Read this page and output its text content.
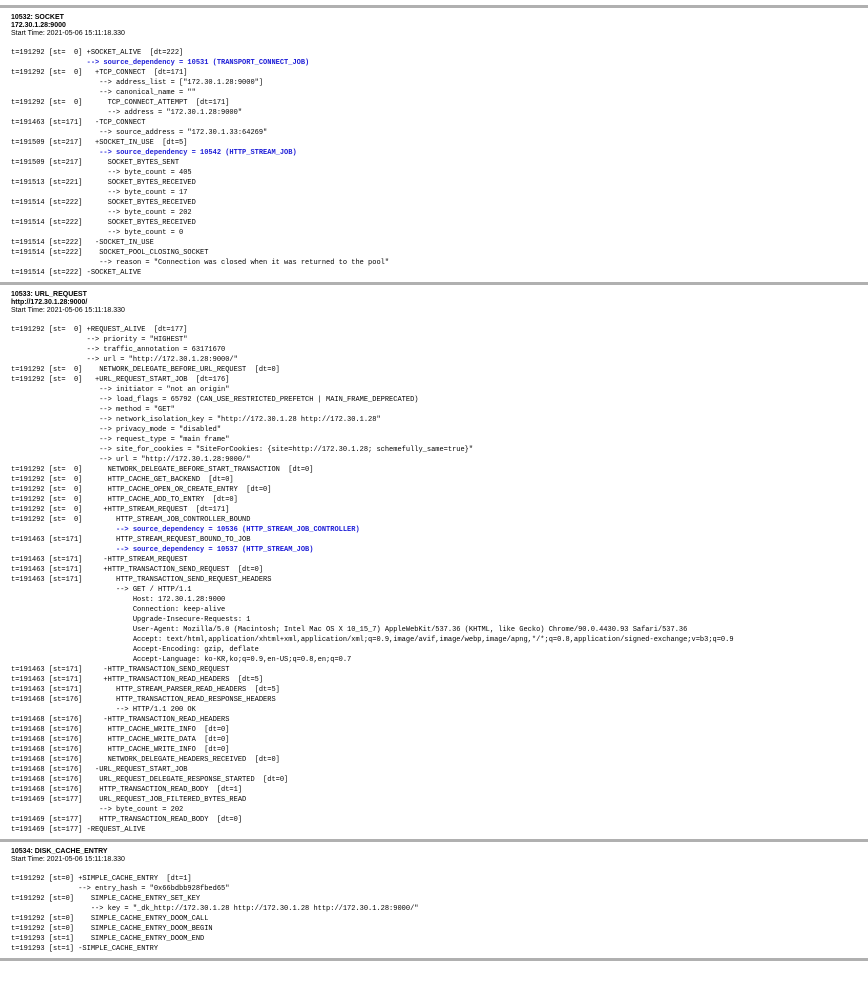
10532: SOCKET
172.30.1.28:9000
Start Time: 2021-05-06 15:11:18.330
t=191292 [st=  0] +SOCKET_ALIVE  [dt=222]
--> source_dependency = 10531 (TRANSPORT_CONNECT_JOB)
t=191292 [st=  0]   +TCP_CONNECT  [dt=171]
--> address_list = ["172.30.1.28:9000"]
--> canonical_name = ""
t=191292 [st=  0]      TCP_CONNECT_ATTEMPT  [dt=171]
--> address = "172.30.1.28:9000"
t=191463 [st=171]   -TCP_CONNECT
--> source_address = "172.30.1.33:64269"
t=191509 [st=217]   +SOCKET_IN_USE  [dt=5]
--> source_dependency = 10542 (HTTP_STREAM_JOB)
t=191509 [st=217]      SOCKET_BYTES_SENT
--> byte_count = 405
t=191513 [st=221]      SOCKET_BYTES_RECEIVED
--> byte_count = 17
t=191514 [st=222]      SOCKET_BYTES_RECEIVED
--> byte_count = 202
t=191514 [st=222]      SOCKET_BYTES_RECEIVED
--> byte_count = 0
t=191514 [st=222]   -SOCKET_IN_USE
t=191514 [st=222]    SOCKET_POOL_CLOSING_SOCKET
--> reason = "Connection was closed when it was returned to the pool"
t=191514 [st=222] -SOCKET_ALIVE
10533: URL_REQUEST
http://172.30.1.28:9000/
Start Time: 2021-05-06 15:11:18.330
t=191292 [st=  0] +REQUEST_ALIVE  [dt=177]
--> priority = "HIGHEST"
--> traffic_annotation = 63171670
--> url = "http://172.30.1.28:9000/"
t=191292 [st=  0]    NETWORK_DELEGATE_BEFORE_URL_REQUEST  [dt=0]
t=191292 [st=  0]   +URL_REQUEST_START_JOB  [dt=176]
--> initiator = "not an origin"
--> load_flags = 65792 (CAN_USE_RESTRICTED_PREFETCH | MAIN_FRAME_DEPRECATED)
--> method = "GET"
--> network_isolation_key = "http://172.30.1.28 http://172.30.1.28"
--> privacy_mode = "disabled"
--> request_type = "main frame"
--> site_for_cookies = "SiteForCookies: {site=http://172.30.1.28; schemefully_same=true}"
--> url = "http://172.30.1.28:9000/"
t=191292 [st=  0]      NETWORK_DELEGATE_BEFORE_START_TRANSACTION  [dt=0]
t=191292 [st=  0]      HTTP_CACHE_GET_BACKEND  [dt=0]
t=191292 [st=  0]      HTTP_CACHE_OPEN_OR_CREATE_ENTRY  [dt=0]
t=191292 [st=  0]      HTTP_CACHE_ADD_TO_ENTRY  [dt=0]
t=191292 [st=  0]     +HTTP_STREAM_REQUEST  [dt=171]
t=191292 [st=  0]        HTTP_STREAM_JOB_CONTROLLER_BOUND
--> source_dependency = 10536 (HTTP_STREAM_JOB_CONTROLLER)
t=191463 [st=171]        HTTP_STREAM_REQUEST_BOUND_TO_JOB
--> source_dependency = 10537 (HTTP_STREAM_JOB)
t=191463 [st=171]     -HTTP_STREAM_REQUEST
t=191463 [st=171]     +HTTP_TRANSACTION_SEND_REQUEST  [dt=0]
t=191463 [st=171]        HTTP_TRANSACTION_SEND_REQUEST_HEADERS
--> GET / HTTP/1.1
Host: 172.30.1.28:9000
Connection: keep-alive
Upgrade-Insecure-Requests: 1
User-Agent: Mozilla/5.0 (Macintosh; Intel Mac OS X 10_15_7) AppleWebKit/537.36 (KHTML, like Gecko) Chrome/90.0.4430.93 Safari/537.36
Accept: text/html,application/xhtml+xml,application/xml;q=0.9,image/avif,image/webp,image/apng,*/*;q=0.8,application/signed-exchange;v=b3;q=0.9
Accept-Encoding: gzip, deflate
Accept-Language: ko-KR,ko;q=0.9,en-US;q=0.8,en;q=0.7
t=191463 [st=171]     -HTTP_TRANSACTION_SEND_REQUEST
t=191463 [st=171]     +HTTP_TRANSACTION_READ_HEADERS  [dt=5]
t=191463 [st=171]        HTTP_STREAM_PARSER_READ_HEADERS  [dt=5]
t=191468 [st=176]        HTTP_TRANSACTION_READ_RESPONSE_HEADERS
--> HTTP/1.1 200 OK
t=191468 [st=176]     -HTTP_TRANSACTION_READ_HEADERS
t=191468 [st=176]      HTTP_CACHE_WRITE_INFO  [dt=0]
t=191468 [st=176]      HTTP_CACHE_WRITE_DATA  [dt=0]
t=191468 [st=176]      HTTP_CACHE_WRITE_INFO  [dt=0]
t=191468 [st=176]      NETWORK_DELEGATE_HEADERS_RECEIVED  [dt=0]
t=191468 [st=176]   -URL_REQUEST_START_JOB
t=191468 [st=176]    URL_REQUEST_DELEGATE_RESPONSE_STARTED  [dt=0]
t=191468 [st=176]    HTTP_TRANSACTION_READ_BODY  [dt=1]
t=191469 [st=177]    URL_REQUEST_JOB_FILTERED_BYTES_READ
--> byte_count = 202
t=191469 [st=177]    HTTP_TRANSACTION_READ_BODY  [dt=0]
t=191469 [st=177] -REQUEST_ALIVE
10534: DISK_CACHE_ENTRY
Start Time: 2021-05-06 15:11:18.330
t=191292 [st=0] +SIMPLE_CACHE_ENTRY  [dt=1]
--> entry_hash = "0x66bdbb928fbed65"
t=191292 [st=0]    SIMPLE_CACHE_ENTRY_SET_KEY
--> key = "_dk_http://172.30.1.28 http://172.30.1.28 http://172.30.1.28:9000/"
t=191292 [st=0]    SIMPLE_CACHE_ENTRY_DOOM_CALL
t=191292 [st=0]    SIMPLE_CACHE_ENTRY_DOOM_BEGIN
t=191293 [st=1]    SIMPLE_CACHE_ENTRY_DOOM_END
t=191293 [st=1] -SIMPLE_CACHE_ENTRY
